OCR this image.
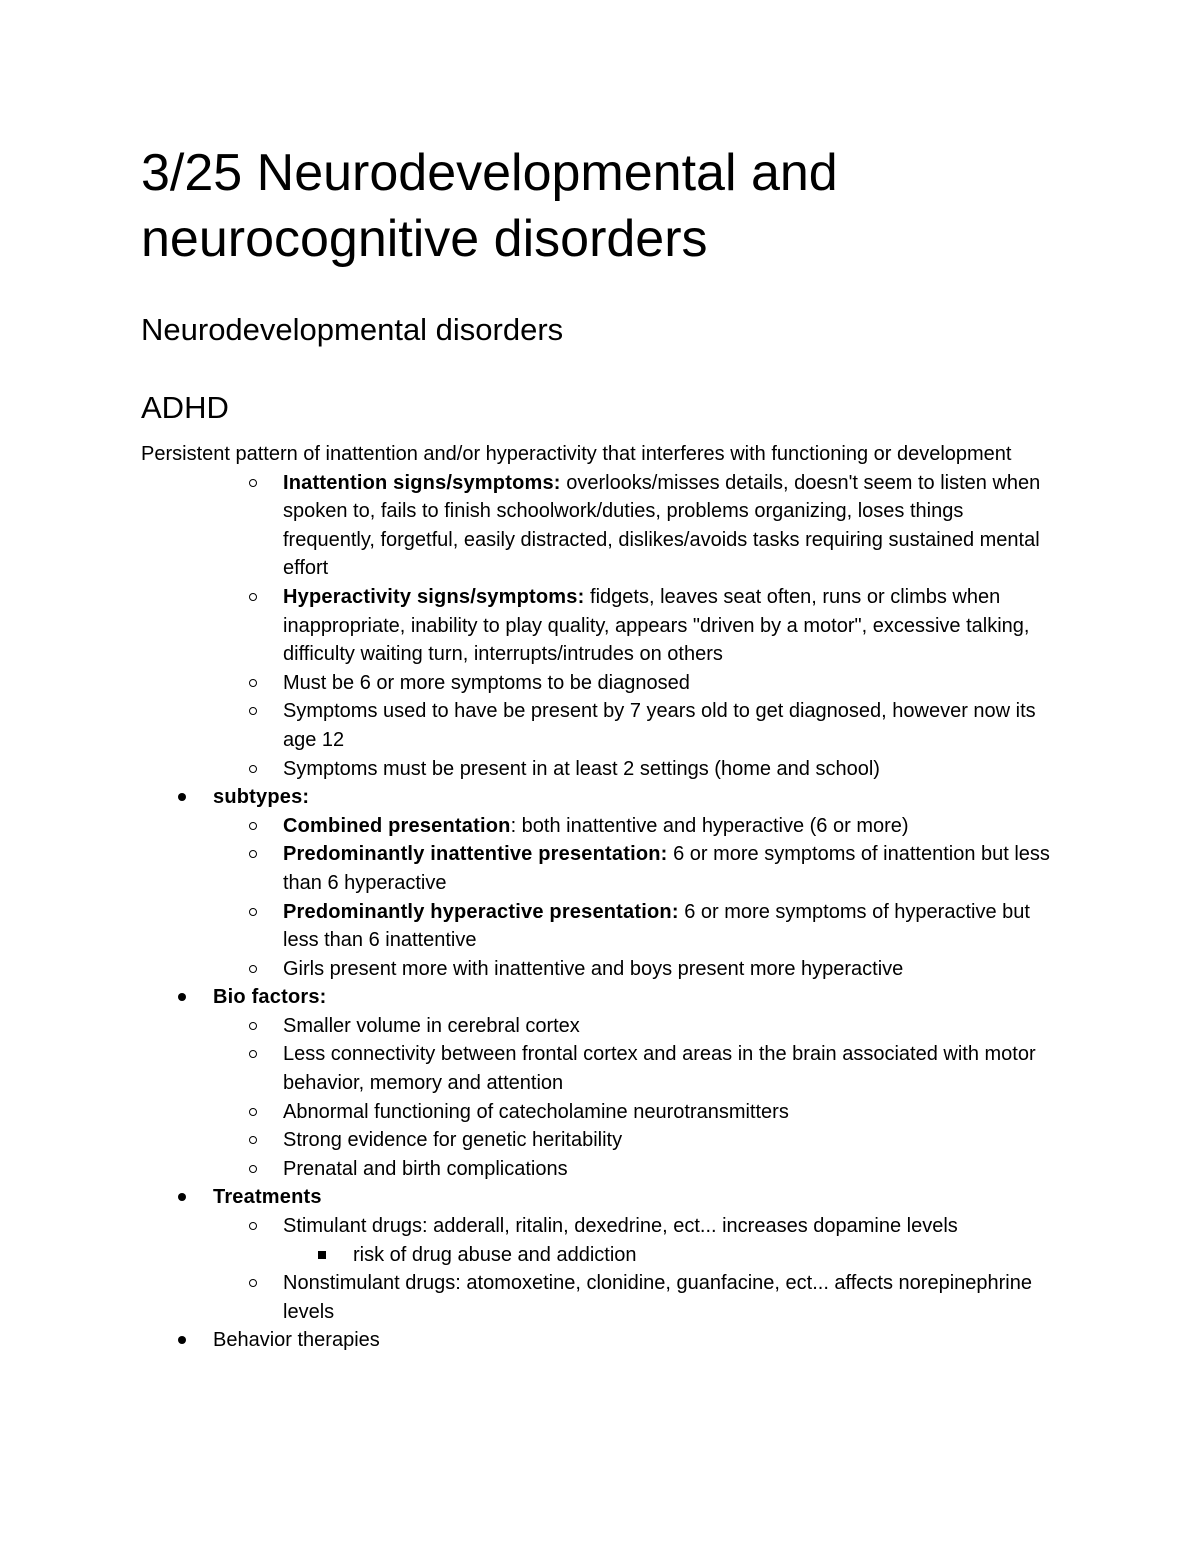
3/25 Neurodevelopmental and neurocognitive disorders
Neurodevelopmental disorders
ADHD

Persistent pattern of inattention and/or hyperactivity that interferes with functioning or development

Inattention signs/symptoms: overlooks/misses details, doesn't seem to listen when spoken to, fails to finish schoolwork/duties, problems organizing, loses things frequently, forgetful, easily distracted, dislikes/avoids tasks requiring sustained mental effort
Hyperactivity signs/symptoms: fidgets, leaves seat often, runs or climbs when inappropriate, inability to play quality, appears "driven by a motor", excessive talking, difficulty waiting turn, interrupts/intrudes on others
Must be 6 or more symptoms to be diagnosed
Symptoms used to have be present by 7 years old to get diagnosed, however now its age 12
Symptoms must be present in at least 2 settings (home and school)
subtypes:
Combined presentation: both inattentive and hyperactive (6 or more)
Predominantly inattentive presentation: 6 or more symptoms of inattention but less than 6 hyperactive
Predominantly hyperactive presentation: 6 or more symptoms of hyperactive but less than 6 inattentive
Girls present more with inattentive and boys present more hyperactive
Bio factors:
Smaller volume in cerebral cortex
Less connectivity between frontal cortex and areas in the brain associated with motor behavior, memory and attention
Abnormal functioning of catecholamine neurotransmitters
Strong evidence for genetic heritability
Prenatal and birth complications
Treatments
Stimulant drugs: adderall, ritalin, dexedrine, ect... increases dopamine levels
risk of drug abuse and addiction
Nonstimulant drugs: atomoxetine, clonidine, guanfacine, ect... affects norepinephrine levels
Behavior therapies
